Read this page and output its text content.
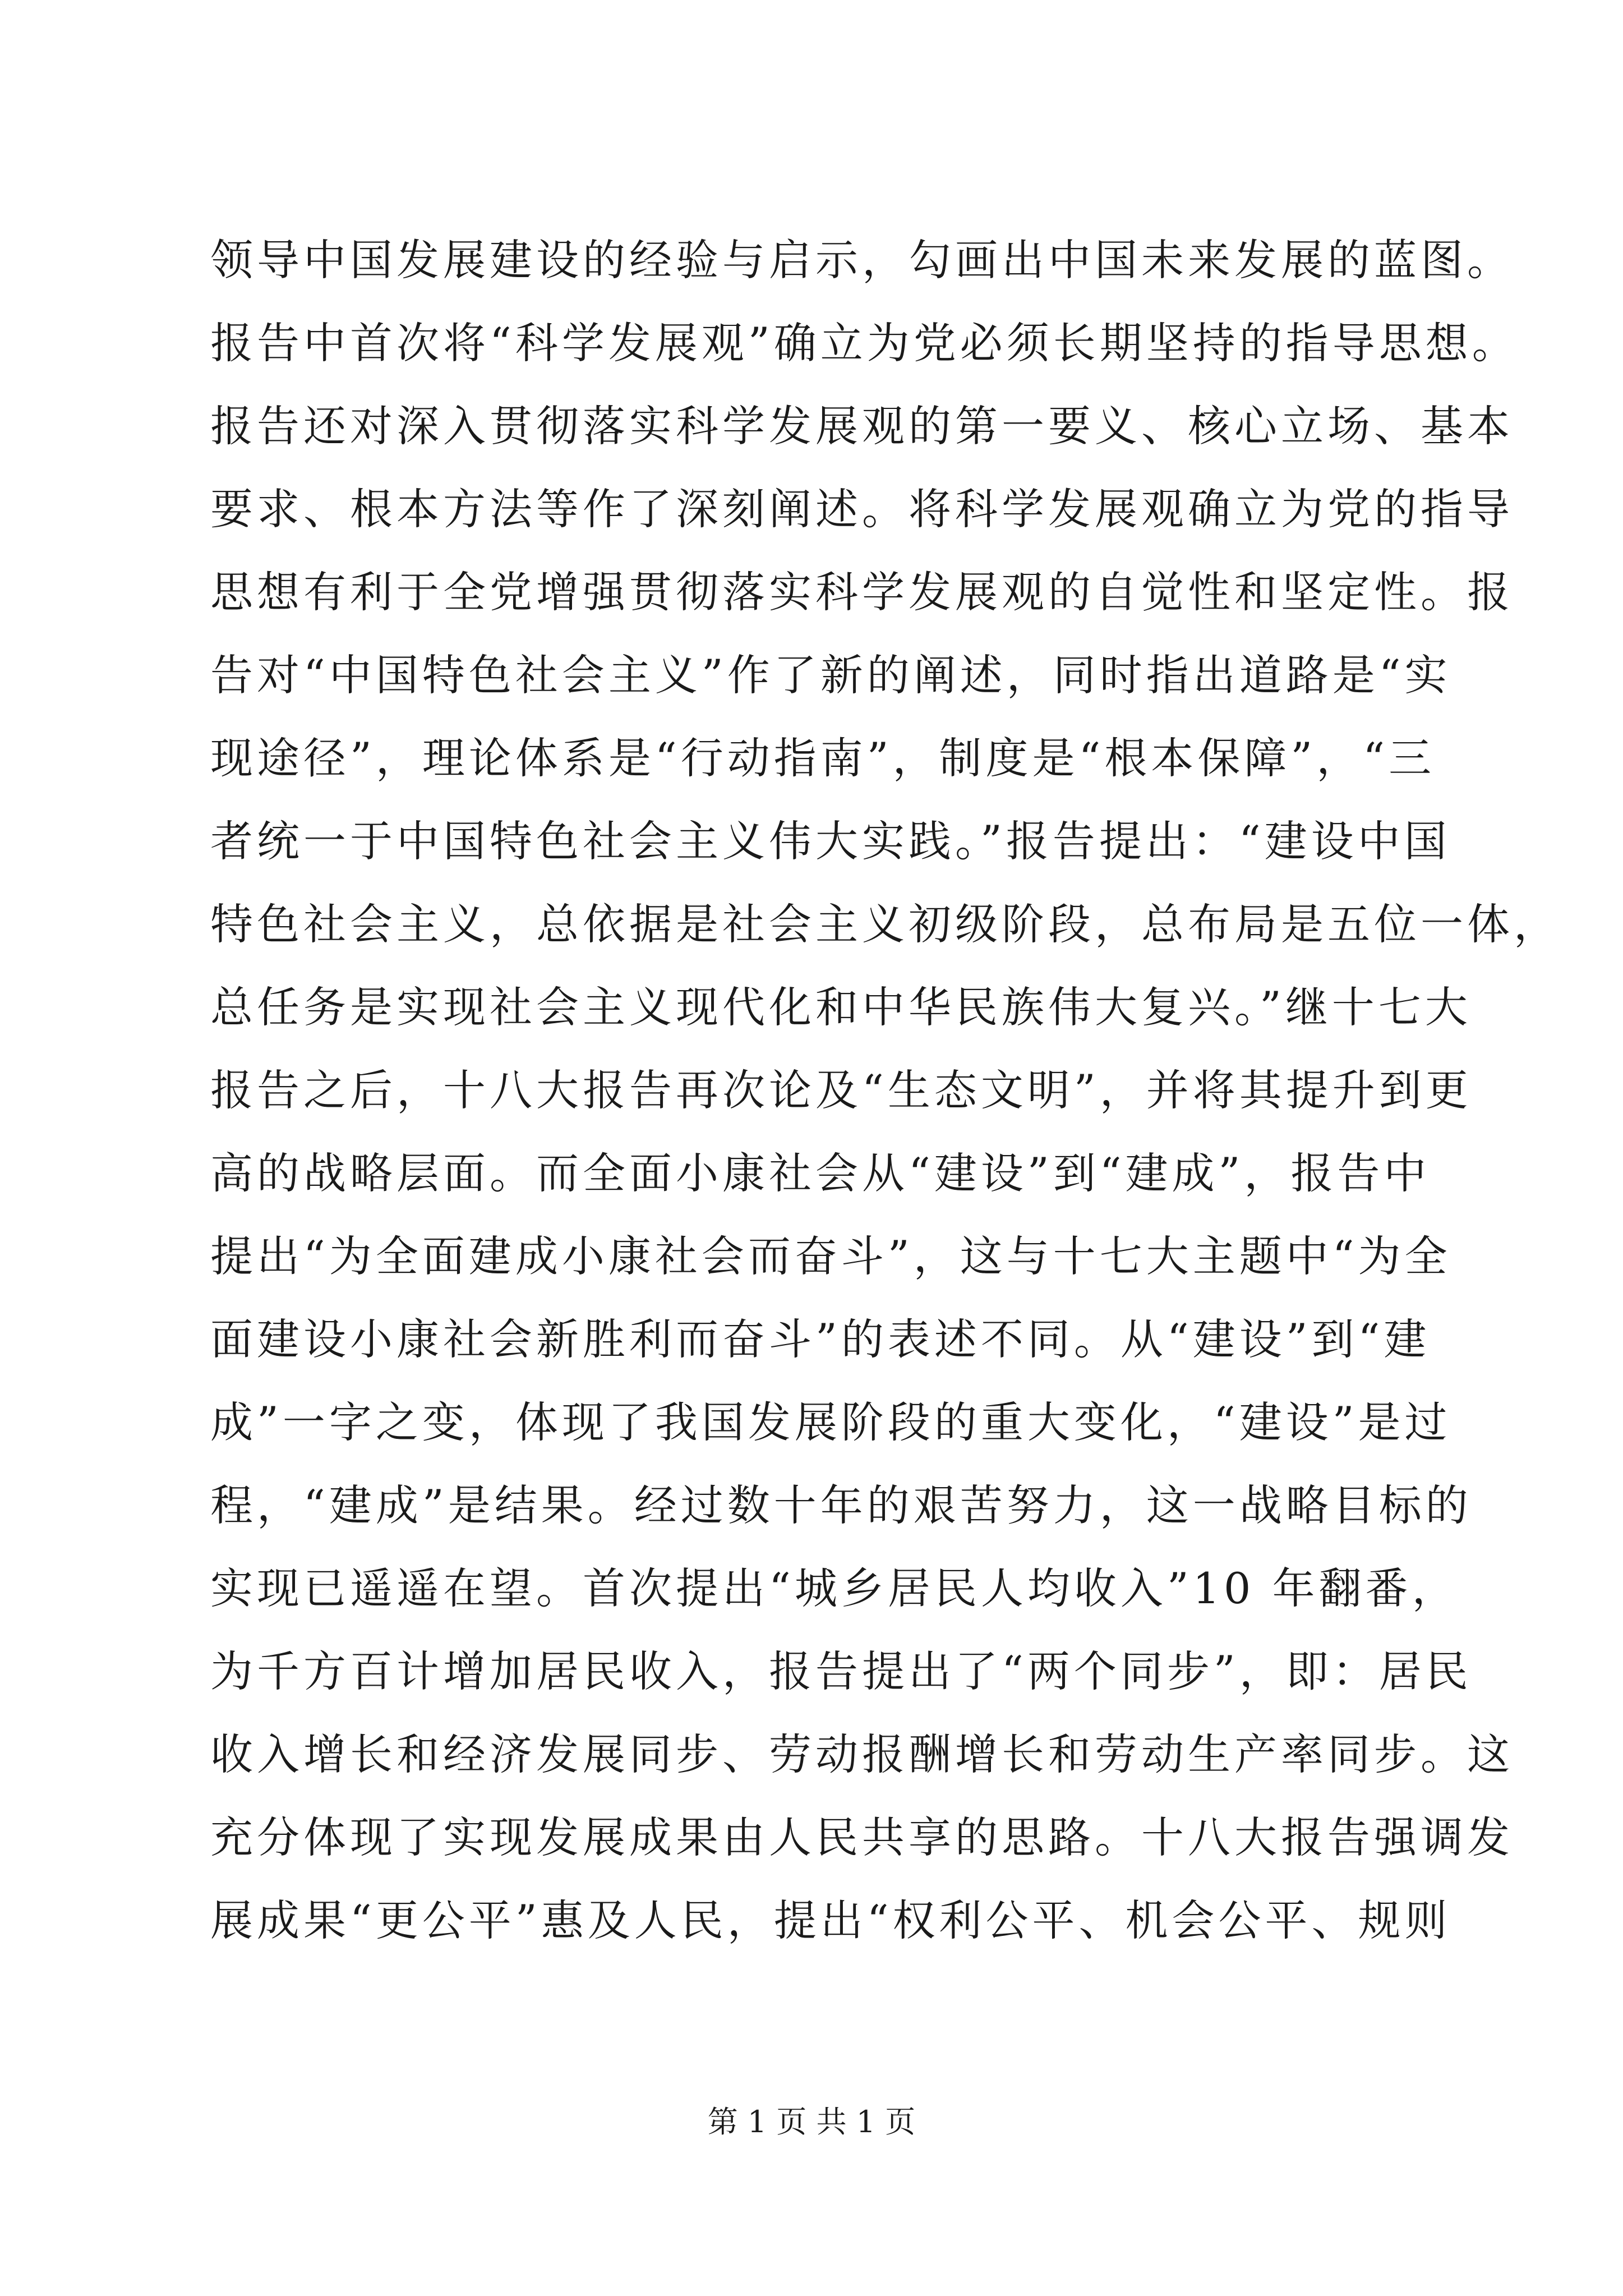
领导中国发展建设的经验与启示，勾画出中国未来发展的蓝图。
报告中首次将“科学发展观”确立为党必须长期坚持的指导思想。
报告还对深入贯彻落实科学发展观的第一要义、核心立场、基本
要求、根本方法等作了深刻阐述。将科学发展观确立为党的指导
思想有利于全党增强贯彻落实科学发展观的自觉性和坚定性。报
告对“中国特色社会主义”作了新的阐述，同时指出道路是“实
现途径”，理论体系是“行动指南”，制度是“根本保障”，“三
者统一于中国特色社会主义伟大实践。”报告提出：“建设中国
特色社会主义，总依据是社会主义初级阶段，总布局是五位一体，
总任务是实现社会主义现代化和中华民族伟大复兴。”继十七大
报告之后，十八大报告再次论及“生态文明”，并将其提升到更
高的战略层面。而全面小康社会从“建设”到“建成”，报告中
提出“为全面建成小康社会而奋斗”，这与十七大主题中“为全
面建设小康社会新胜利而奋斗”的表述不同。从“建设”到“建
成”一字之变，体现了我国发展阶段的重大变化，“建设”是过
程，“建成”是结果。经过数十年的艰苦努力，这一战略目标的
实现已遥遥在望。首次提出“城乡居民人均收入”10 年翻番，
为千方百计增加居民收入，报告提出了“两个同步”，即：居民
收入增长和经济发展同步、劳动报酬增长和劳动生产率同步。这
充分体现了实现发展成果由人民共享的思路。十八大报告强调发
展成果“更公平”惠及人民，提出“权利公平、机会公平、规则
第 1 页 共 1 页
